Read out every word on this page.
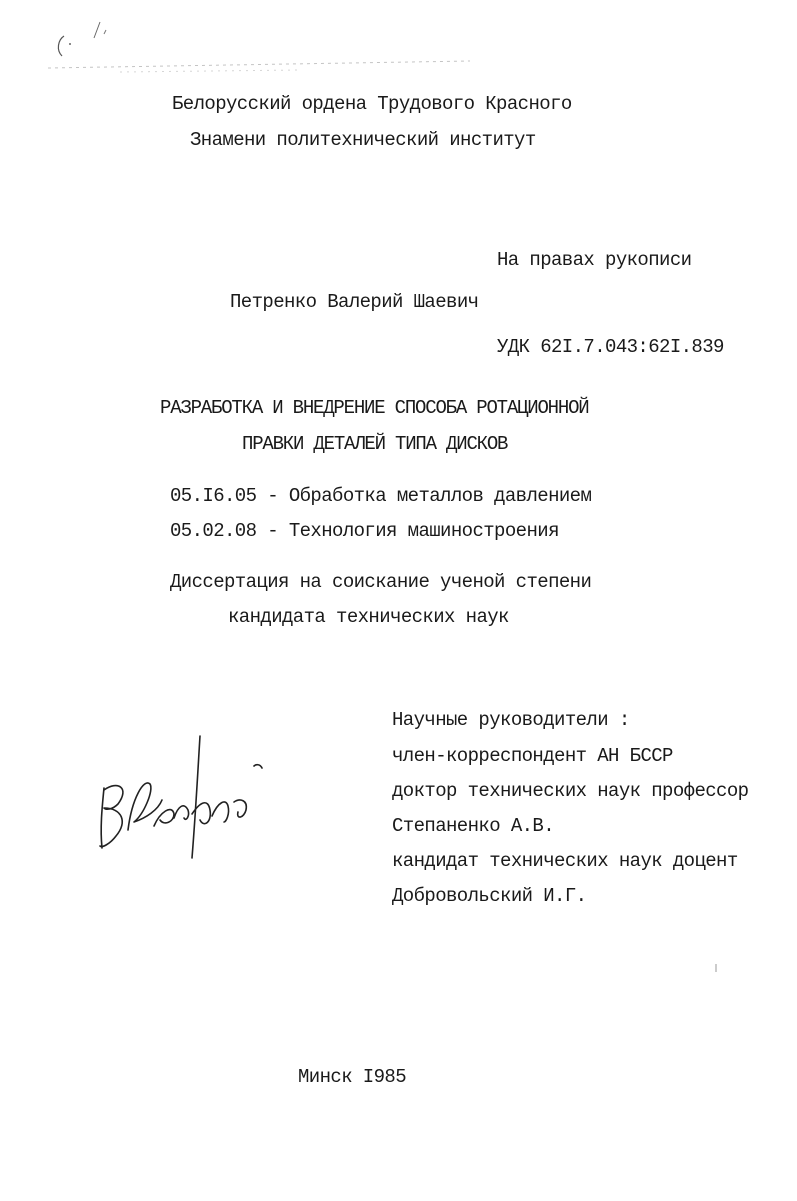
Белорусский ордена Трудового Красного
Знамени политехнический институт
На правах рукописи
Петренко Валерий Шаевич
УДК 62I.7.043:62I.839
РАЗРАБОТКА И ВНЕДРЕНИЕ СПОСОБА РОТАЦИОННОЙ
ПРАВКИ ДЕТАЛЕЙ ТИПА ДИСКОВ
05.I6.05 - Обработка металлов давлением
05.02.08 - Технология машиностроения
Диссертация на соискание ученой степени
кандидата технических наук
Научные руководители :
член-корреспондент АН БССР
доктор технических наук профессор
Степаненко А.В.
кандидат технических наук доцент
Добровольский И.Г.
Минск I985
